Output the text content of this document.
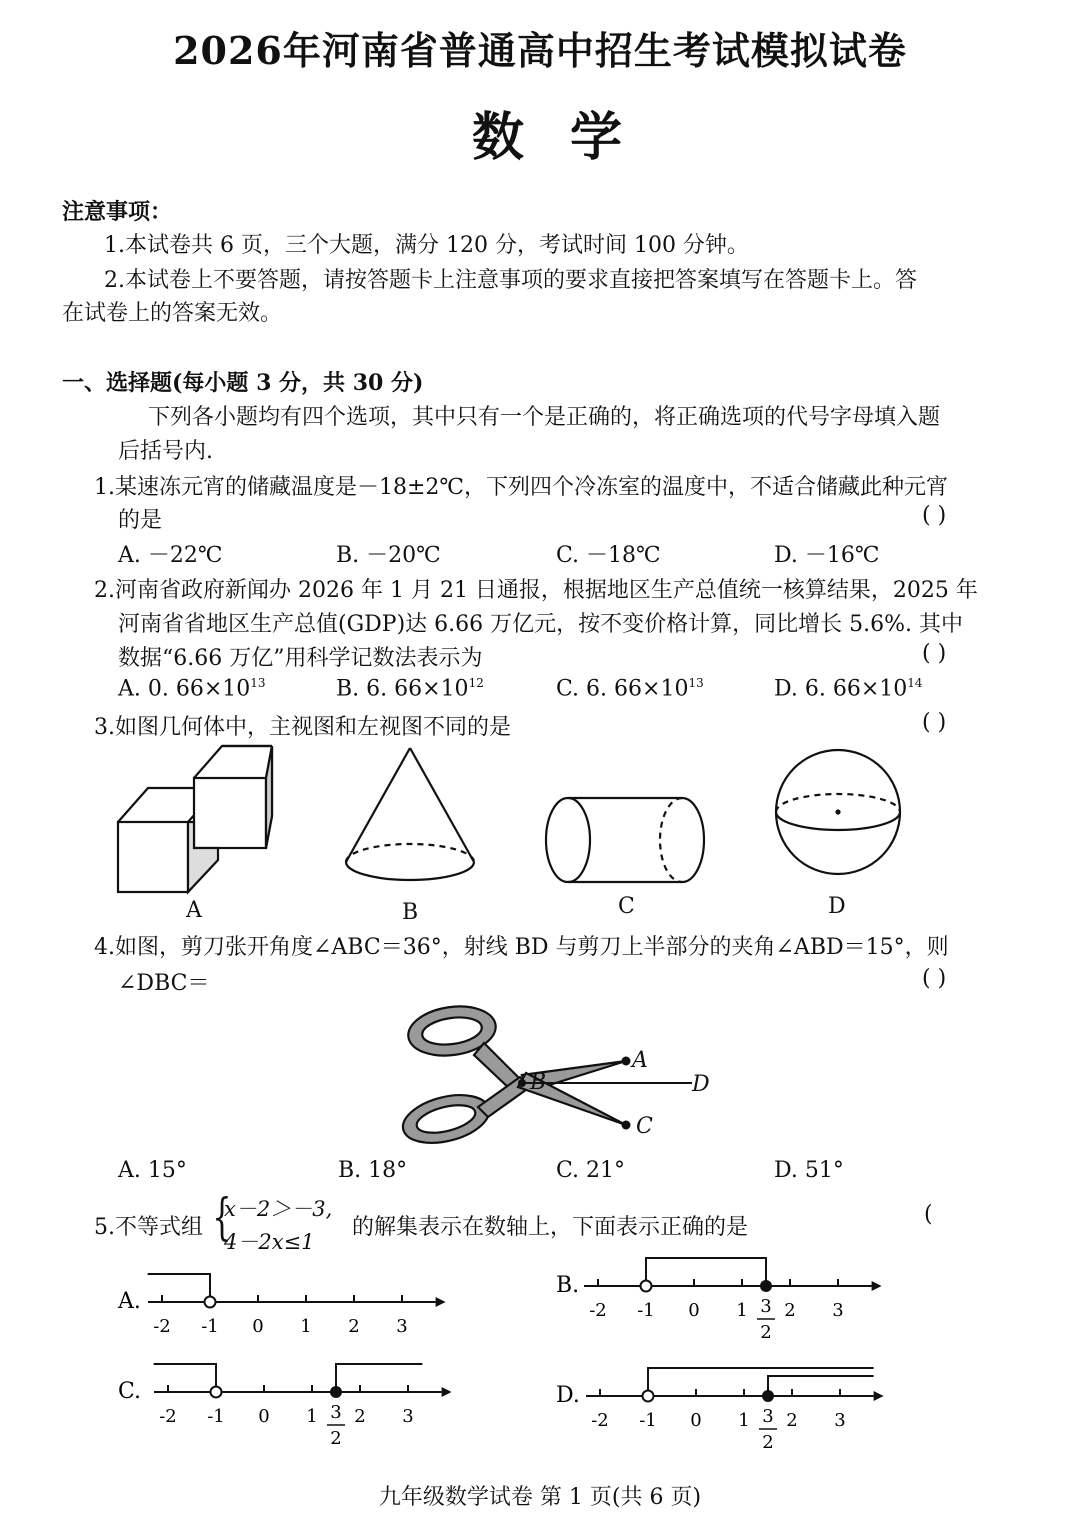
2026年河南省普通高中招生考试模拟试卷
数学
注意事项：
1.本试卷共 6 页，三个大题，满分 120 分，考试时间 100 分钟。
2.本试卷上不要答题，请按答题卡上注意事项的要求直接把答案填写在答题卡上。答
在试卷上的答案无效。
一、选择题(每小题 3 分，共 30 分)
下列各小题均有四个选项，其中只有一个是正确的，将正确选项的代号字母填入题
后括号内.
1.某速冻元宵的储藏温度是－18±2℃，下列四个冷冻室的温度中，不适合储藏此种元宵
的是	( )
A. －22℃	B. －20℃	C. －18℃	D. －16℃
2.河南省政府新闻办 2026 年 1 月 21 日通报，根据地区生产总值统一核算结果，2025 年
河南省省地区生产总值(GDP)达 6.66 万亿元，按不变价格计算，同比增长 5.6%. 其中
数据“6.66 万亿”用科学记数法表示为	( )
A. 0. $66\times 10^{13}$	B. 6. $66\times 10^{12}$	C. 6. $66\times 10^{13}$	D. 6. $66\times 10^{14}$
3.如图几何体中，主视图和左视图不同的是	( )
A	B	C	D
4.如图，剪刀张开角度∠ABC＝36°，射线 BD 与剪刀上半部分的夹角∠ABD＝15°，则
∠DBC＝	( )
A
B
C
D
A. 15°	B. 18°	C. 21°	D. 51°
5.不等式组 {
x－2＞－3,
4－2x≤1
的解集表示在数轴上，下面表示正确的是
(
-2 -1 0 1 2 3
A.	-2 -1 0 1 2 3
B.
3
2
-2 -1 0 1 2 3
C.
3
2
-2 -1 0 1 2 3
D.
3
2
九年级数学试卷 第 1 页(共 6 页)
